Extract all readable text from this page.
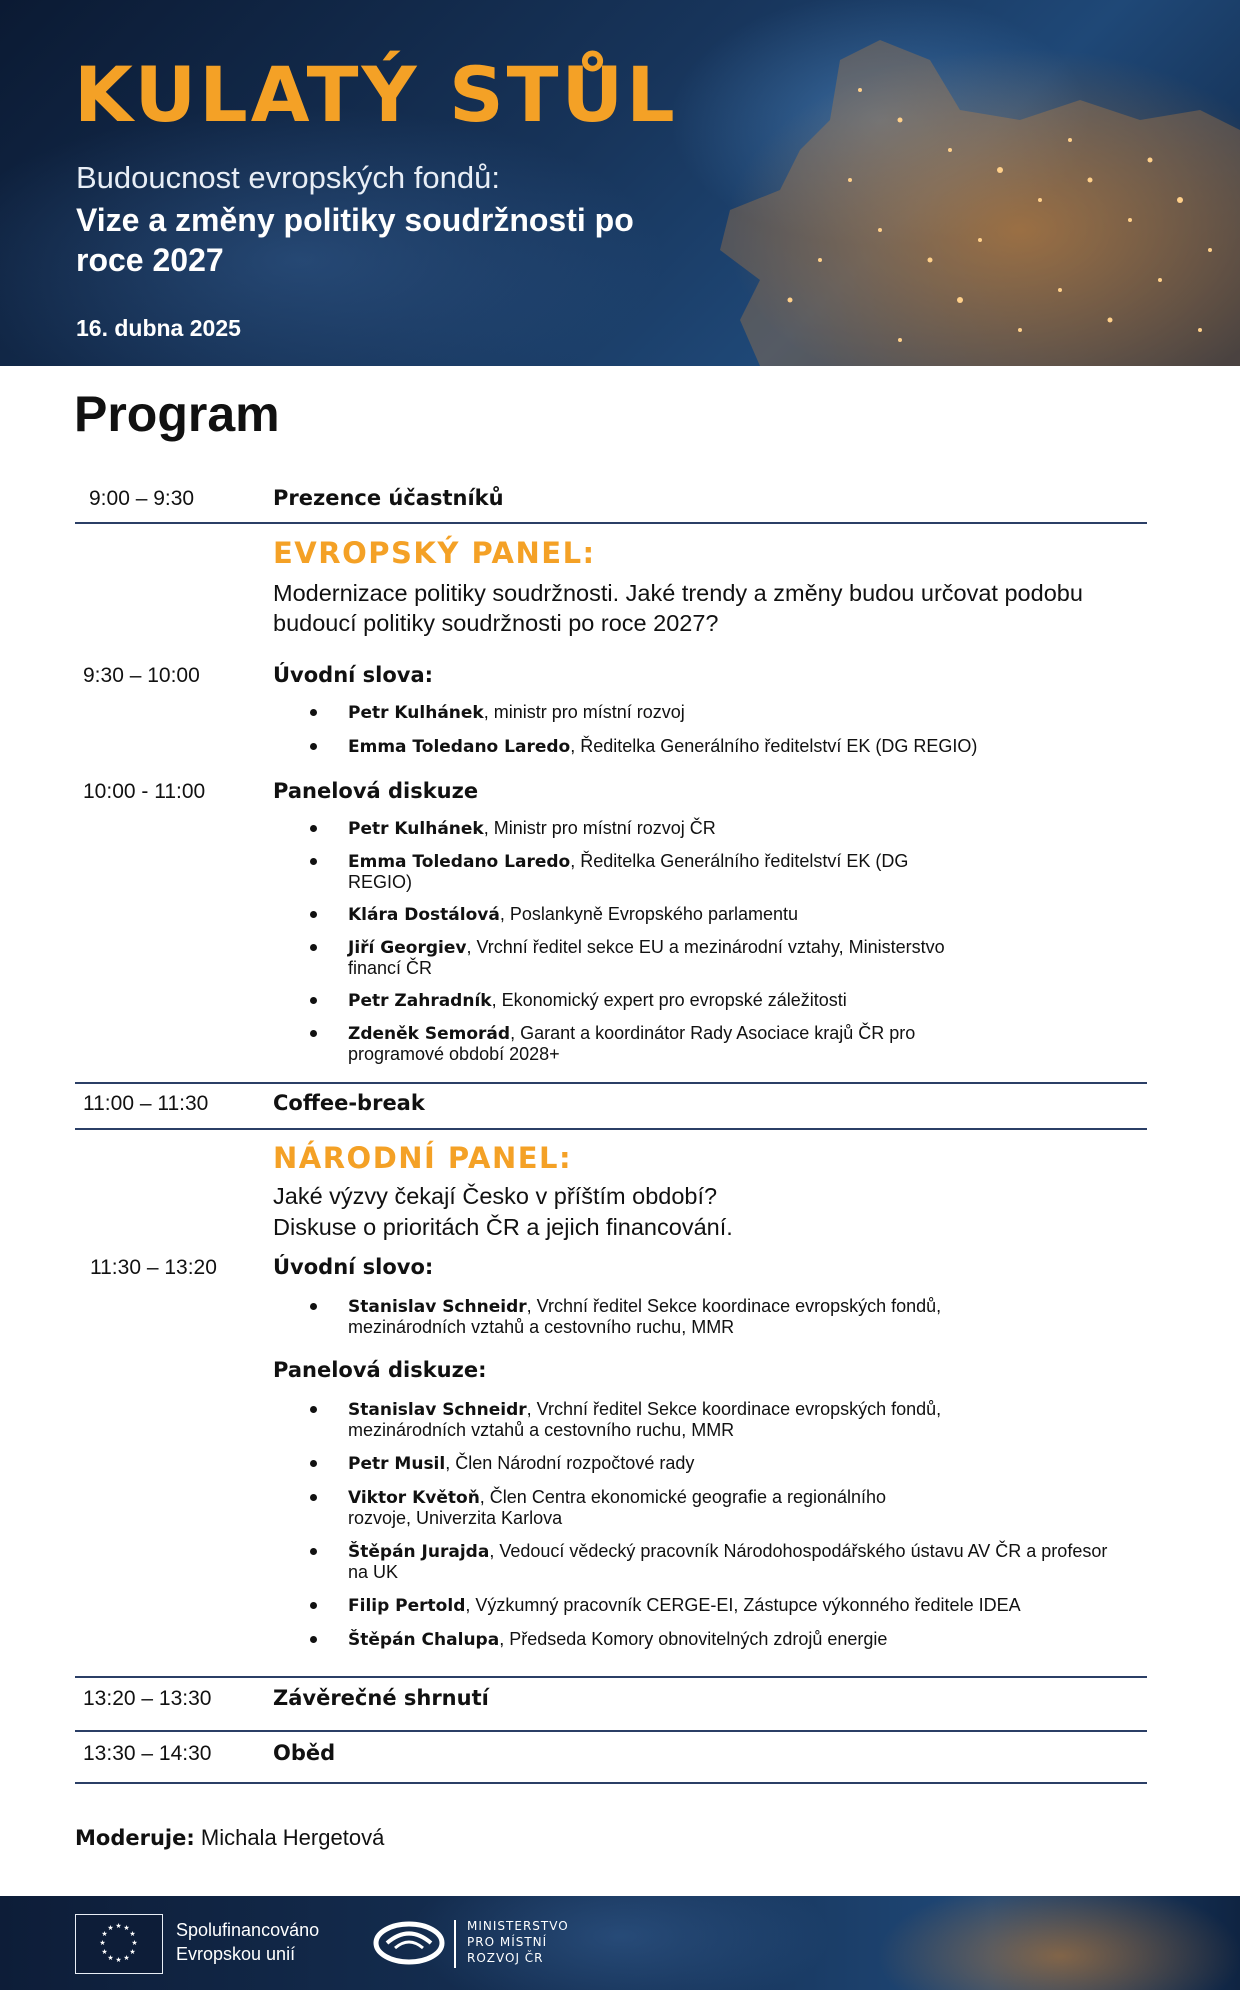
KULATÝ STŮL
Budoucnost evropských fondů:
Vize a změny politiky soudržnosti po roce 2027
16. dubna 2025
Program
9:00 – 9:30	Prezence účastníků
EVROPSKÝ PANEL:
Modernizace politiky soudržnosti. Jaké trendy a změny budou určovat podobu budoucí politiky soudržnosti po roce 2027?
9:30 – 10:00	Úvodní slova:
Petr Kulhánek, ministr pro místní rozvoj
Emma Toledano Laredo, Ředitelka Generálního ředitelství EK (DG REGIO)
10:00 - 11:00	Panelová diskuze
Petr Kulhánek, Ministr pro místní rozvoj ČR
Emma Toledano Laredo, Ředitelka Generálního ředitelství EK (DG REGIO)
Klára Dostálová, Poslankyně Evropského parlamentu
Jiří Georgiev, Vrchní ředitel sekce EU a mezinárodní vztahy, Ministerstvo financí ČR
Petr Zahradník, Ekonomický expert pro evropské záležitosti
Zdeněk Semorád, Garant a koordinátor Rady Asociace krajů ČR pro programové období 2028+
11:00 – 11:30	Coffee-break
NÁRODNÍ PANEL:
Jaké výzvy čekají Česko v příštím období?
Diskuse o prioritách ČR a jejich financování.
11:30 – 13:20	Úvodní slovo:
Stanislav Schneidr, Vrchní ředitel Sekce koordinace evropských fondů, mezinárodních vztahů a cestovního ruchu, MMR
Panelová diskuze:
Stanislav Schneidr, Vrchní ředitel Sekce koordinace evropských fondů, mezinárodních vztahů a cestovního ruchu, MMR
Petr Musil, Člen Národní rozpočtové rady
Viktor Květoň, Člen Centra ekonomické geografie a regionálního rozvoje, Univerzita Karlova
Štěpán Jurajda, Vedoucí vědecký pracovník Národohospodářského ústavu AV ČR a profesor na UK
Filip Pertold, Výzkumný pracovník CERGE-EI, Zástupce výkonného ředitele IDEA
Štěpán Chalupa, Předseda Komory obnovitelných zdrojů energie
13:20 – 13:30	Závěrečné shrnutí
13:30 – 14:30	Oběd
Moderuje: Michala Hergetová
★ ★
★
★
★
★
★
★
★
★
★
★	Spolufinancováno
Evropskou unií
MINISTERSTVO
PRO MÍSTNÍ
ROZVOJ ČR
